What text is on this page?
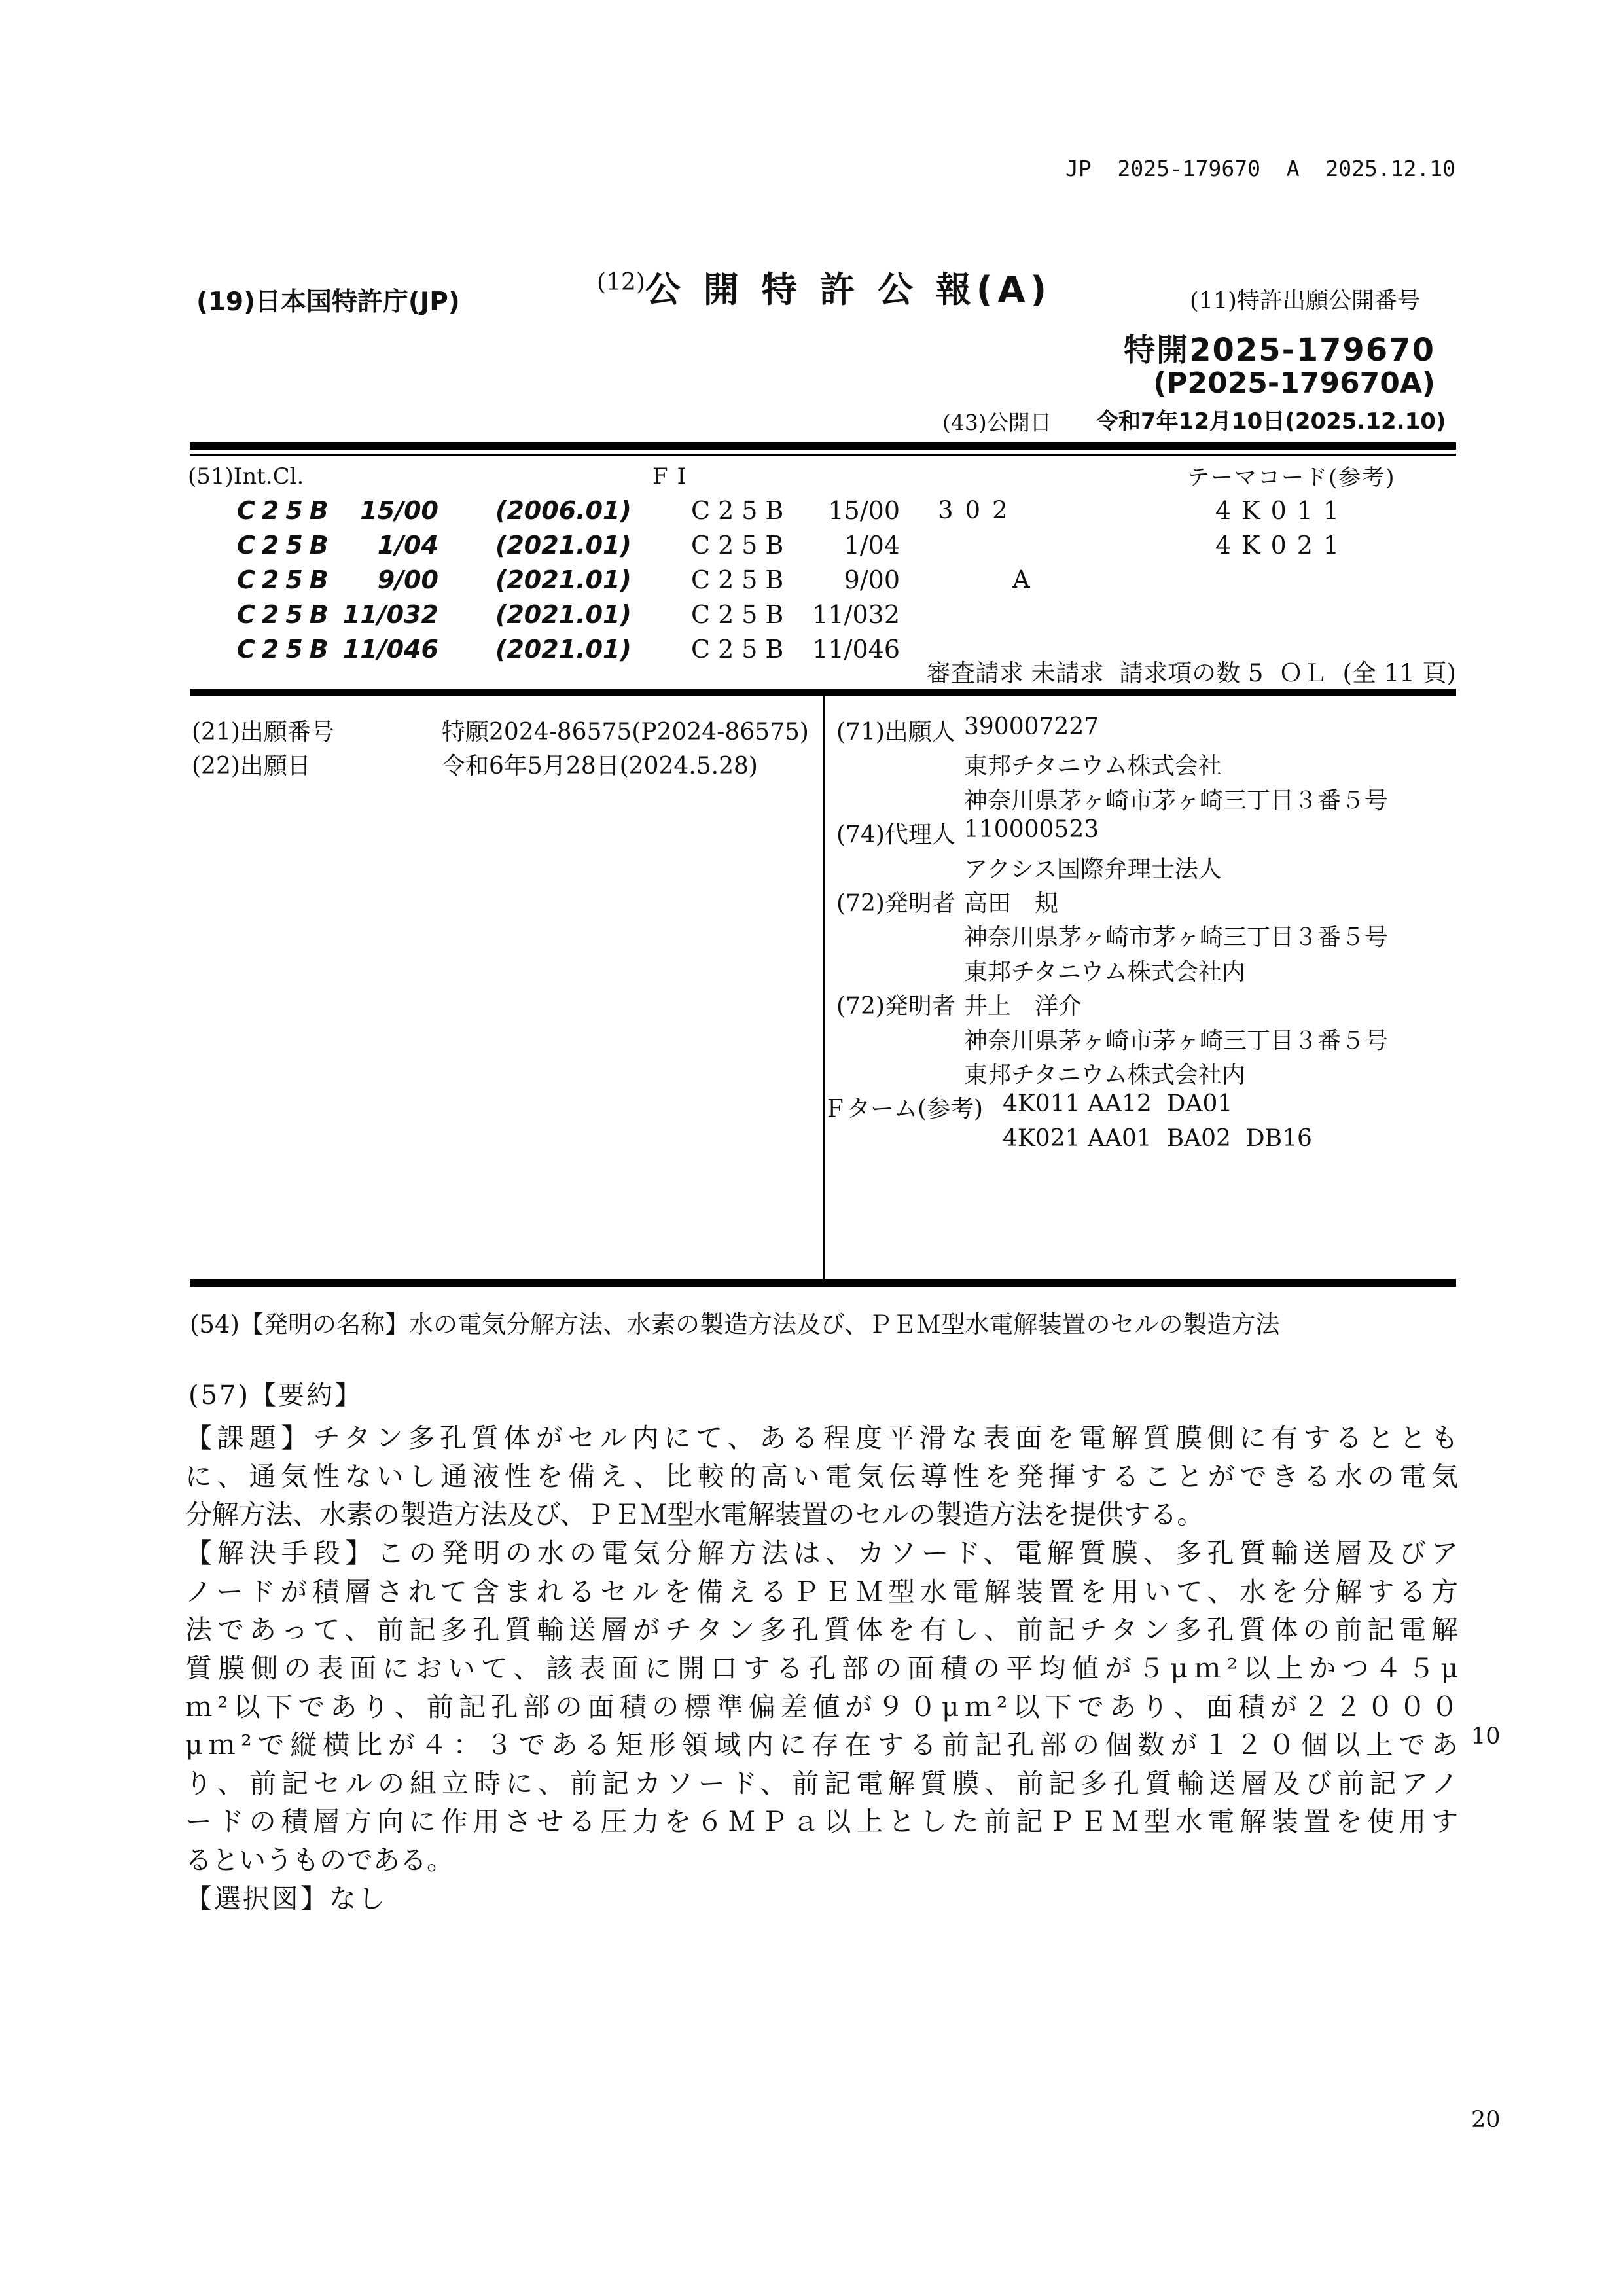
JP  2025-179670  A  2025.12.10
(19)日本国特許庁(JP)
(12)公 開 特 許 公 報(A)	(11)特許出願公開番号
特開2025-179670
(P2025-179670A)
(43)公開日 令和7年12月10日(2025.12.10)
(51)Int.Cl.	FI	テーマコード(参考)
C25B	15/00 (2006.01) C25B	15/00 302	4K011
C25B	1/04 (2021.01) C25B	1/04	4K021
C25B	9/00 (2021.01) C25B	9/00	A
C25B 11/032 (2021.01) C25B 11/032
C25B 11/046 (2021.01) C25B 11/046
審査請求 未請求  請求項の数 5  ＯＬ  (全 11 頁)
(21)出願番号	特願2024-86575(P2024-86575)
(22)出願日	令和6年5月28日(2024.5.28)
(71)出願人 390007227
東邦チタニウム株式会社
神奈川県茅ヶ崎市茅ヶ崎三丁目３番５号
(74)代理人 110000523
アクシス国際弁理士法人
(72)発明者 高田　規
神奈川県茅ヶ崎市茅ヶ崎三丁目３番５号
東邦チタニウム株式会社内
(72)発明者 井上　洋介
神奈川県茅ヶ崎市茅ヶ崎三丁目３番５号
東邦チタニウム株式会社内
Ｆターム(参考) 4K011 AA12  DA01
4K021 AA01  BA02  DB16
(54)【発明の名称】水の電気分解方法、水素の製造方法及び、ＰＥＭ型水電解装置のセルの製造方法
(57)【要約】
【課題】チタン多孔質体がセル内にて、ある程度平滑な表面を電解質膜側に有するととも
に、通気性ないし通液性を備え、比較的高い電気伝導性を発揮することができる水の電気
分解方法、水素の製造方法及び、ＰＥＭ型水電解装置のセルの製造方法を提供する。
【解決手段】この発明の水の電気分解方法は、カソード、電解質膜、多孔質輸送層及びア
ノードが積層されて含まれるセルを備えるＰＥＭ型水電解装置を用いて、水を分解する方
法であって、前記多孔質輸送層がチタン多孔質体を有し、前記チタン多孔質体の前記電解
質膜側の表面において、該表面に開口する孔部の面積の平均値が５μｍ²以上かつ４５μ
ｍ²以下であり、前記孔部の面積の標準偏差値が９０μｍ²以下であり、面積が２２０００
μｍ²で縦横比が４：３である矩形領域内に存在する前記孔部の個数が１２０個以上であ
り、前記セルの組立時に、前記カソード、前記電解質膜、前記多孔質輸送層及び前記アノ
ードの積層方向に作用させる圧力を６ＭＰａ以上とした前記ＰＥＭ型水電解装置を使用す
るというものである。
【選択図】なし
10
20
